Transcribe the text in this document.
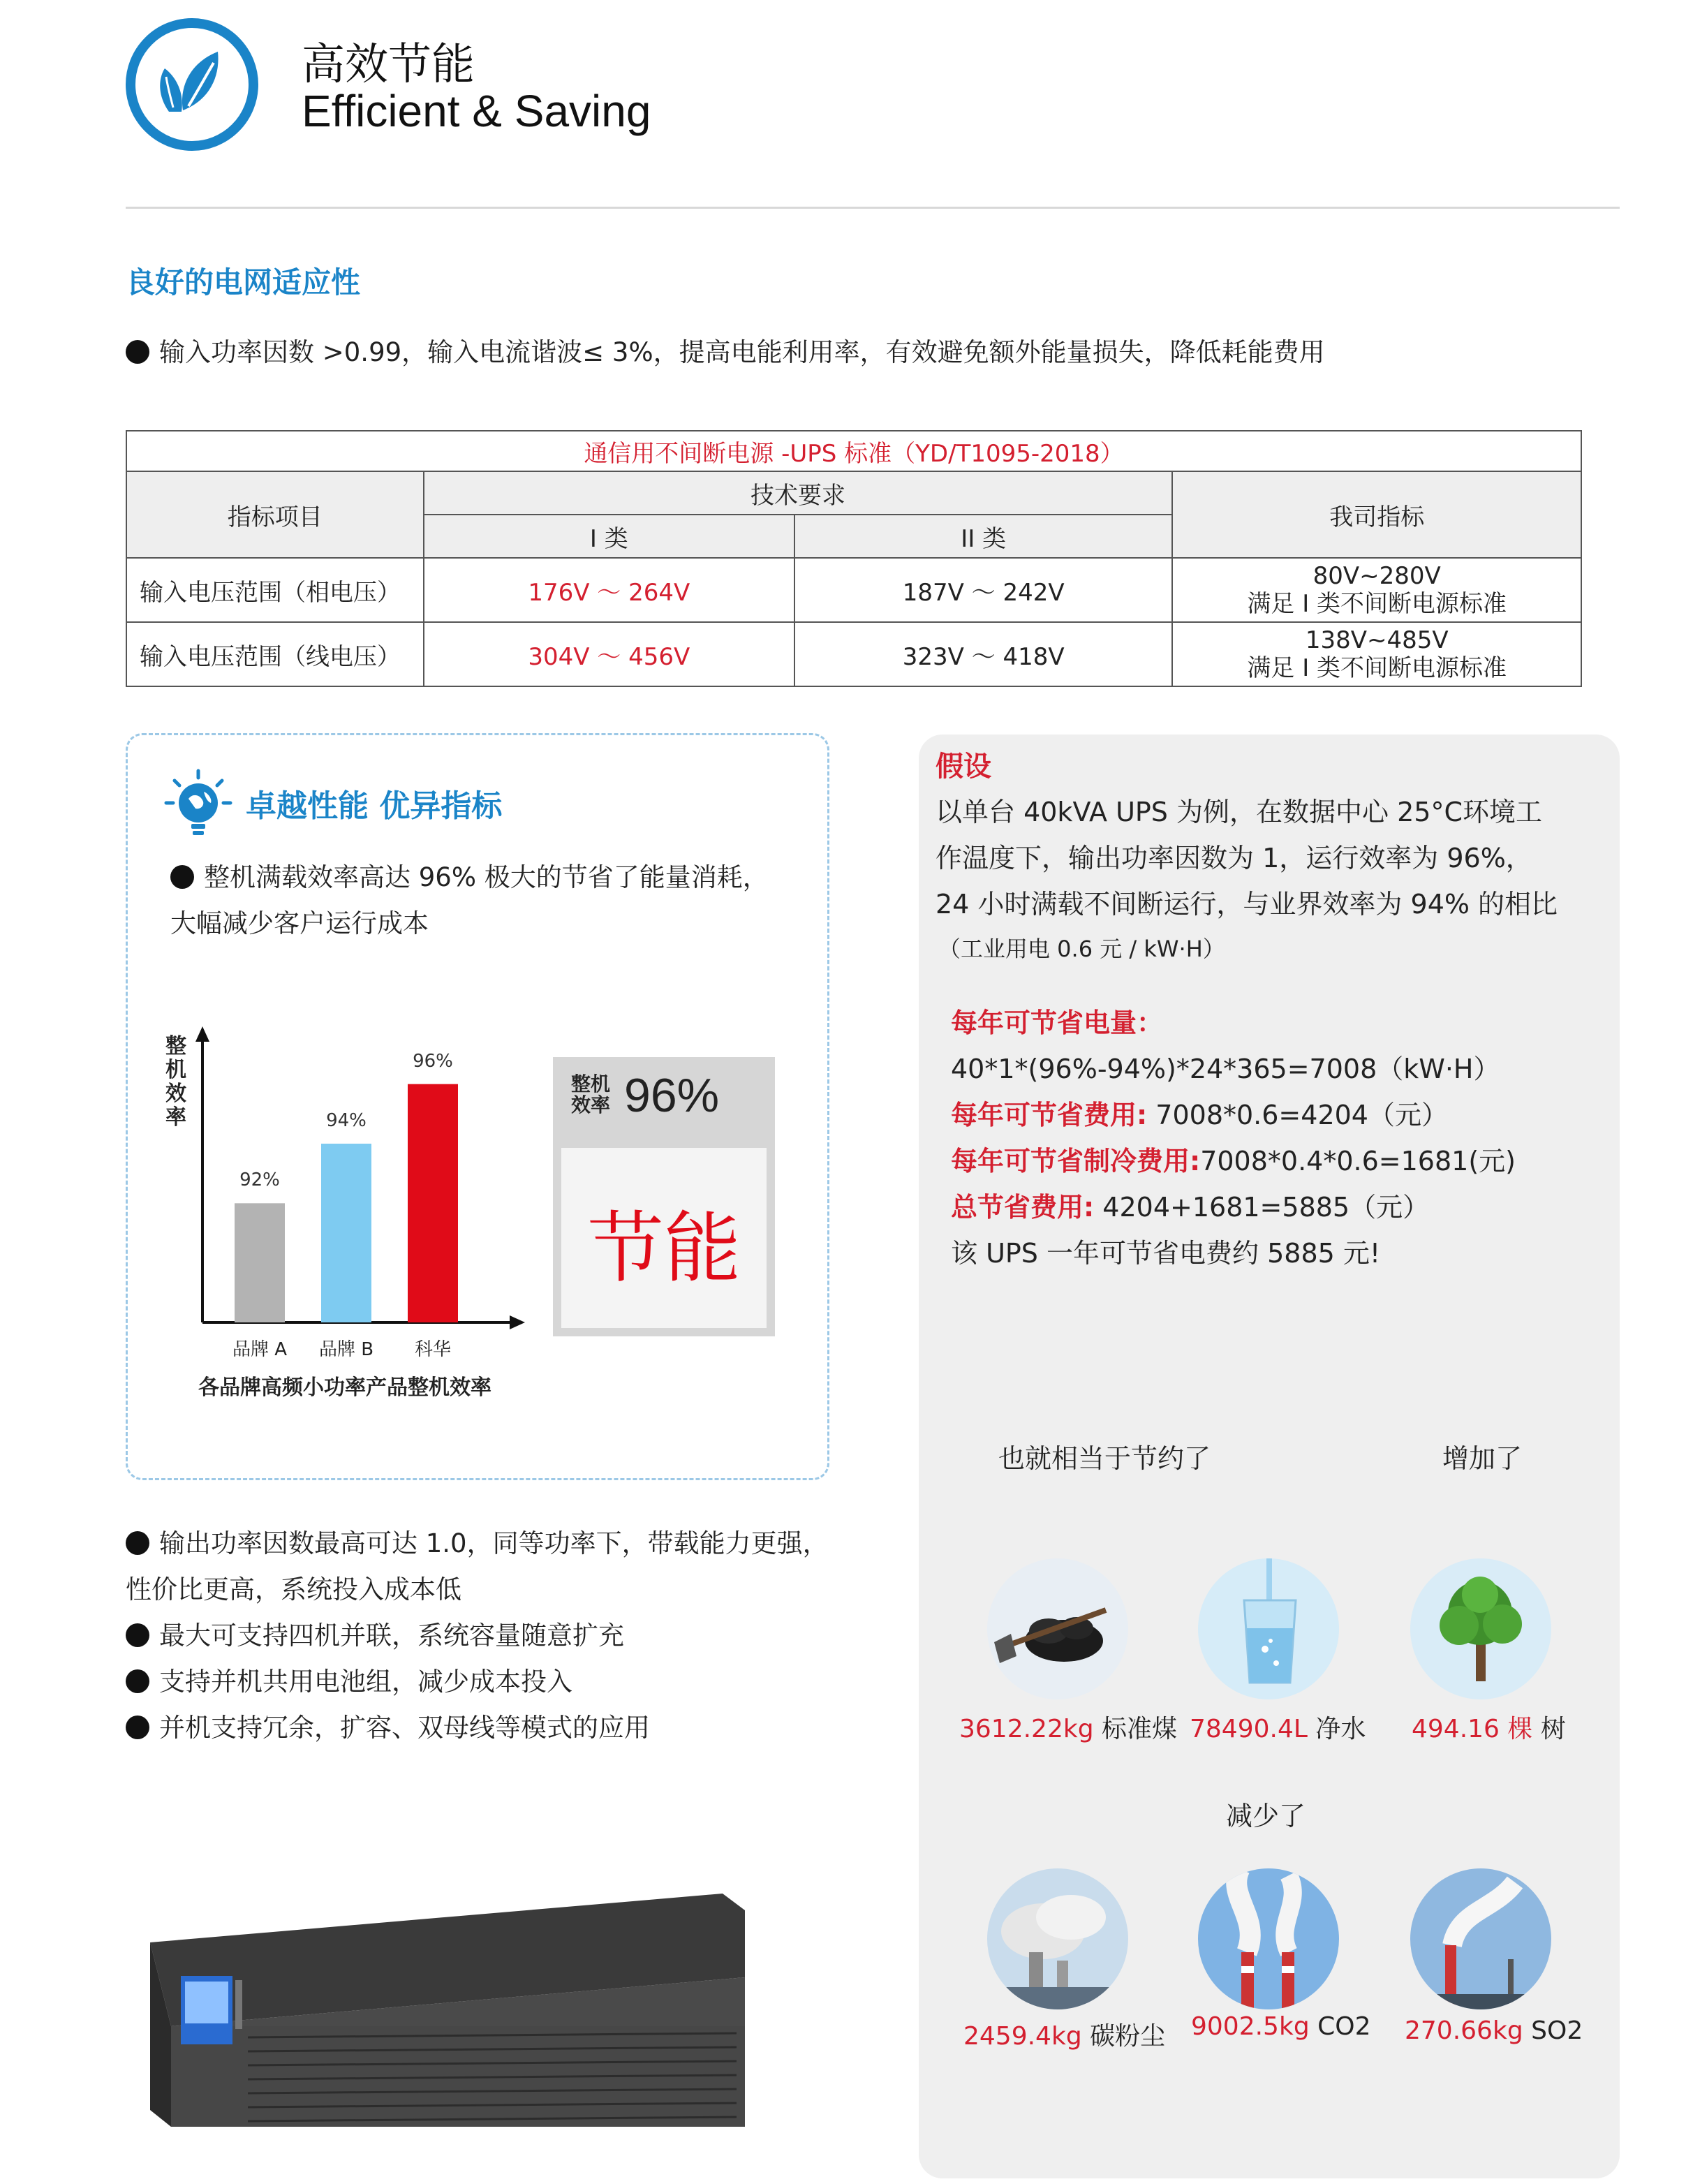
高效节能
Efficient & Saving
良好的电网适应性
输入功率因数 >0.99，输入电流谐波≤ 3%，提高电能利用率，有效避免额外能量损失，降低耗能费用
通信用不间断电源 -UPS 标准（YD/T1095-2018）			
指标项目	技术要求		我司指标
	I 类	II 类	
输入电压范围（相电压）	176V ～ 264V	187V ～ 242V	80V~280V
满足 I 类不间断电源标准

输入电压范围（线电压）	304V ～ 456V	323V ～ 418V	138V~485V
满足 I 类不间断电源标准
卓越性能 优异指标
整机满载效率高达 96% 极大的节省了能量消耗，
大幅减少客户运行成本
整
机
效
率
92%
品牌 A
94%
品牌 B
96%
科华
各品牌高频小功率产品整机效率
整机效率 96%
节能
输出功率因数最高可达 1.0，同等功率下，带载能力更强，
性价比更高，系统投入成本低
最大可支持四机并联，系统容量随意扩充
支持并机共用电池组，减少成本投入
并机支持冗余，扩容、双母线等模式的应用
假设
以单台 40kVA UPS 为例，在数据中心 25°C环境工
作温度下，输出功率因数为 1，运行效率为 96%，
24 小时满载不间断运行，与业界效率为 94% 的相比
（工业用电 0.6 元 / kW·H）
每年可节省电量：
40*1*(96%-94%)*24*365=7008（kW·H）
每年可节省费用: 7008*0.6=4204（元）
每年可节省制冷费用:7008*0.4*0.6=1681(元)
总节省费用: 4204+1681=5885（元）
该 UPS 一年可节省电费约 5885 元!
也就相当于节约了	增加了
减少了
3612.22kg 标准煤 78490.4L 净水 494.16 棵 树
2459.4kg 碳粉尘 9002.5kg CO2 270.66kg SO2
